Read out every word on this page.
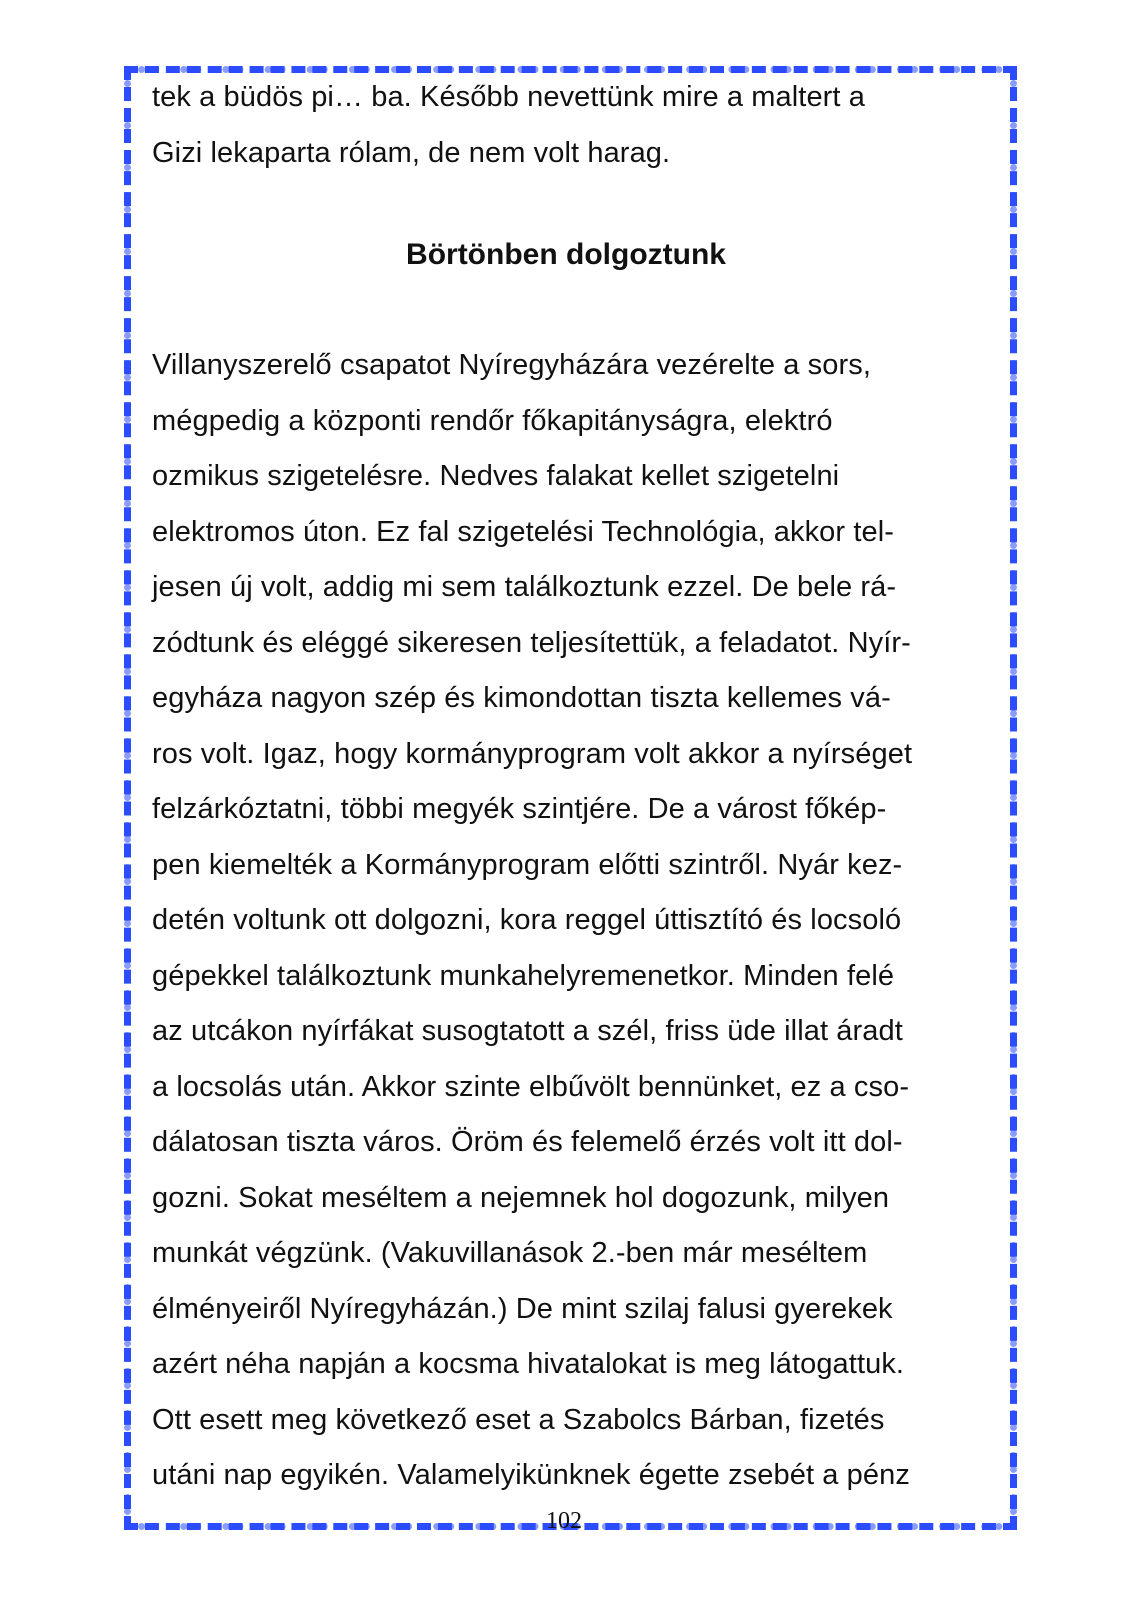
tek a büdös pi… ba. Később nevettünk mire a maltert a

Gizi lekaparta rólam, de nem volt harag.

Börtönben dolgoztunk

Villanyszerelő csapatot Nyíregyházára vezérelte a sors,

mégpedig a központi rendőr főkapitányságra, elektró

ozmikus szigetelésre. Nedves falakat kellet szigetelni

elektromos úton. Ez fal szigetelési Technológia, akkor tel-

jesen új volt, addig mi sem találkoztunk ezzel. De bele rá-

zódtunk és eléggé sikeresen teljesítettük, a feladatot. Nyír-

egyháza nagyon szép és kimondottan tiszta kellemes vá-

ros volt. Igaz, hogy kormányprogram volt akkor a nyírséget

felzárkóztatni, többi megyék szintjére. De a várost főkép-

pen kiemelték a Kormányprogram előtti szintről. Nyár kez-

detén voltunk ott dolgozni, kora reggel úttisztító és locsoló

gépekkel találkoztunk munkahelyremenetkor. Minden felé

az utcákon nyírfákat susogtatott a szél, friss üde illat áradt

a locsolás után. Akkor szinte elbűvölt bennünket, ez a cso-

dálatosan tiszta város. Öröm és felemelő érzés volt itt dol-

gozni. Sokat meséltem a nejemnek hol dogozunk, milyen

munkát végzünk. (Vakuvillanások 2.-ben már meséltem

élményeiről Nyíregyházán.) De mint szilaj falusi gyerekek

azért néha napján a kocsma hivatalokat is meg látogattuk.

Ott esett meg következő eset a Szabolcs Bárban, fizetés

utáni nap egyikén. Valamelyikünknek égette zsebét a pénz

102
